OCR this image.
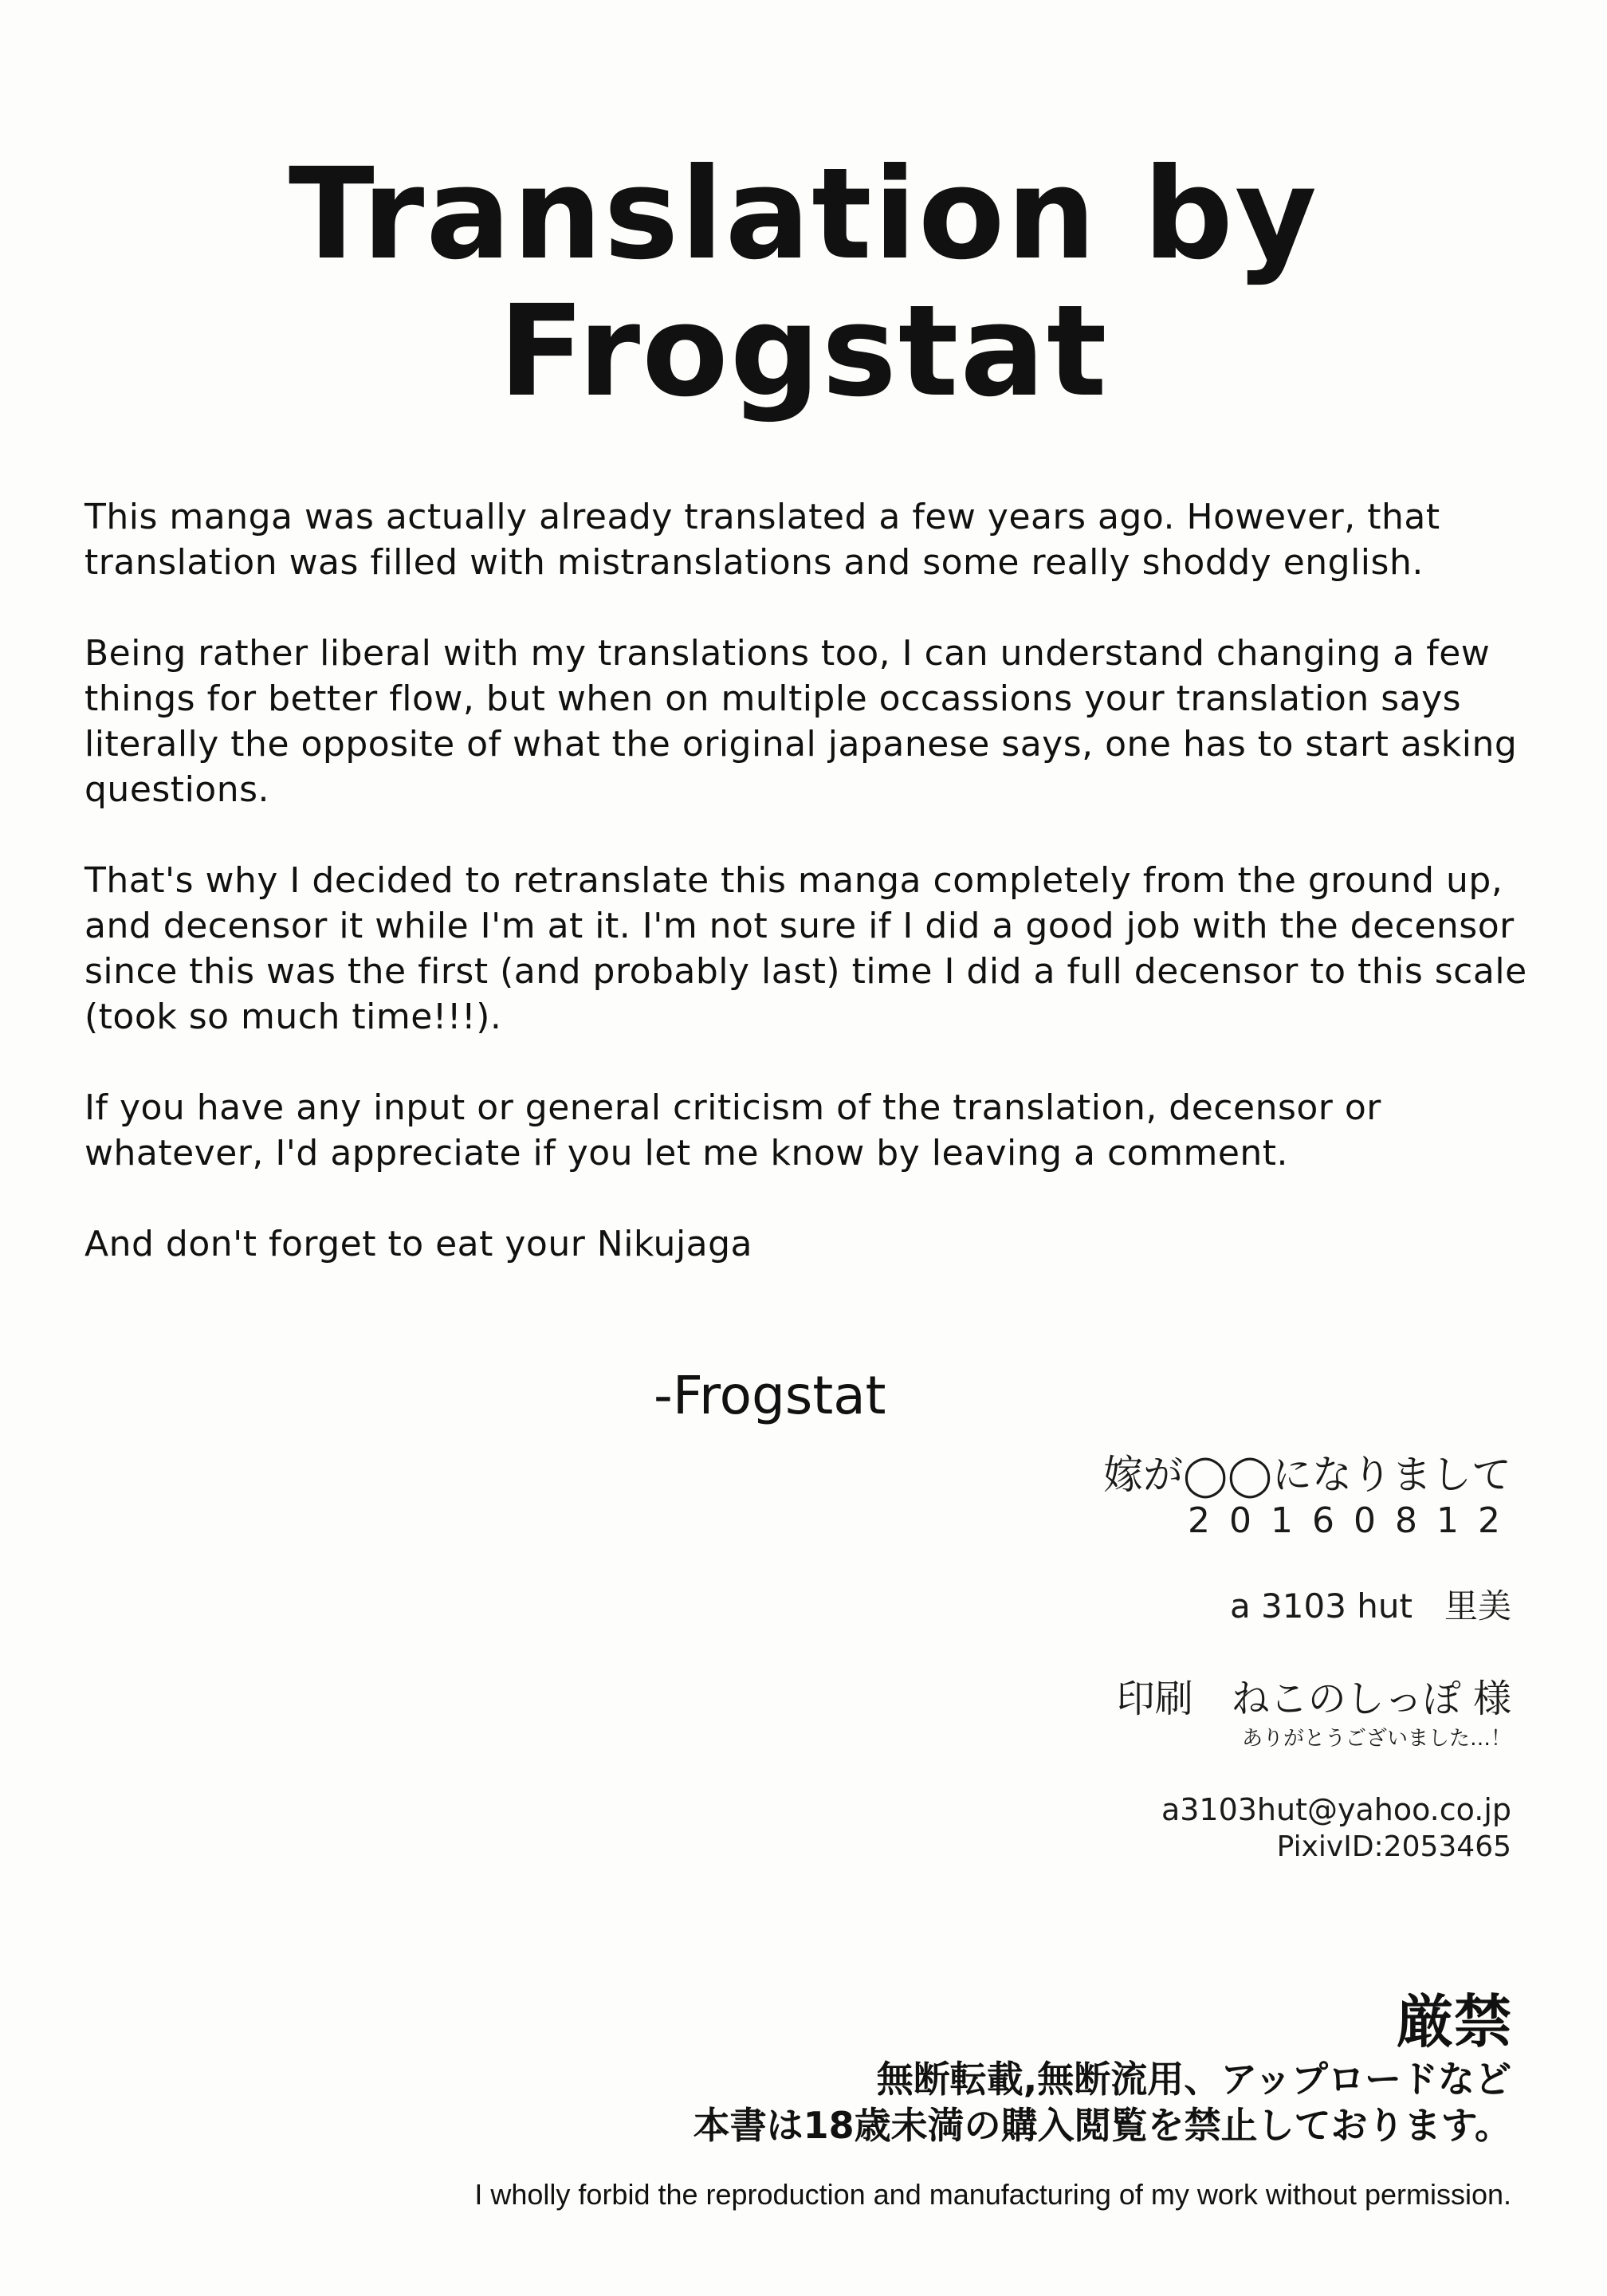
Translation by
Frogstat

This manga was actually already translated a few years ago. However, that translation was filled with mistranslations and some really shoddy english.

Being rather liberal with my translations too, I can understand changing a few things for better flow, but when on multiple occassions your translation says literally the opposite of what the original japanese says, one has to start asking questions.

That's why I decided to retranslate this manga completely from the ground up, and decensor it while I'm at it. I'm not sure if I did a good job with the decensor since this was the first (and probably last) time I did a full decensor to this scale (took so much time!!!).

If you have any input or general criticism of the translation, decensor or whatever, I'd appreciate if you let me know by leaving a comment.

And don't forget to eat your Nikujaga

-Frogstat
嫁が◯◯になりまして
20160812
a 3103 hut 里美
印刷 ねこのしっぽ 様
ありがとうございました…！
a3103hut@yahoo.co.jp
PixivID:2053465
厳禁
無断転載,無断流用、アップロードなど
本書は18歳未満の購入閲覧を禁止しております。
I wholly forbid the reproduction and manufacturing of my work without permission.
